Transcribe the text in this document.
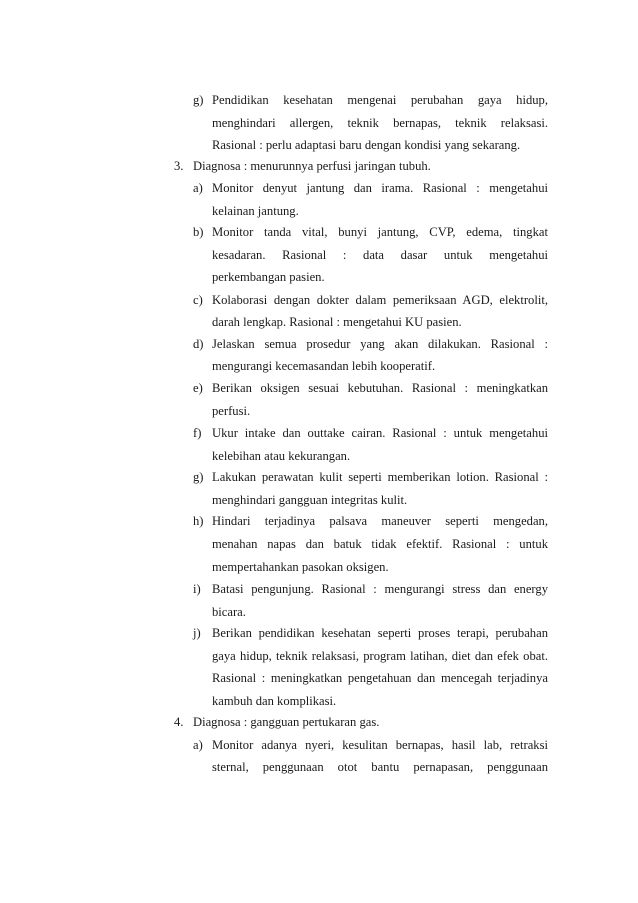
g) Pendidikan kesehatan mengenai perubahan gaya hidup,
menghindari allergen, teknik bernapas, teknik relaksasi.
Rasional : perlu adaptasi baru dengan kondisi yang sekarang.
3. Diagnosa : menurunnya perfusi jaringan tubuh.
a) Monitor denyut jantung dan irama. Rasional : mengetahui
kelainan jantung.
b) Monitor tanda vital, bunyi jantung, CVP, edema, tingkat
kesadaran. Rasional : data dasar untuk mengetahui
perkembangan pasien.
c) Kolaborasi dengan dokter dalam pemeriksaan AGD, elektrolit,
darah lengkap. Rasional : mengetahui KU pasien.
d) Jelaskan semua prosedur yang akan dilakukan. Rasional :
mengurangi kecemasandan lebih kooperatif.
e) Berikan oksigen sesuai kebutuhan. Rasional : meningkatkan
perfusi.
f) Ukur intake dan outtake cairan. Rasional : untuk mengetahui
kelebihan atau kekurangan.
g) Lakukan perawatan kulit seperti memberikan lotion. Rasional :
menghindari gangguan integritas kulit.
h) Hindari terjadinya palsava maneuver seperti mengedan,
menahan napas dan batuk tidak efektif. Rasional : untuk
mempertahankan pasokan oksigen.
i) Batasi pengunjung. Rasional : mengurangi stress dan energy
bicara.
j) Berikan pendidikan kesehatan seperti proses terapi, perubahan
gaya hidup, teknik relaksasi, program latihan, diet dan efek obat.
Rasional : meningkatkan pengetahuan dan mencegah terjadinya
kambuh dan komplikasi.
4. Diagnosa : gangguan pertukaran gas.
a) Monitor adanya nyeri, kesulitan bernapas, hasil lab, retraksi
sternal, penggunaan otot bantu pernapasan, penggunaan
